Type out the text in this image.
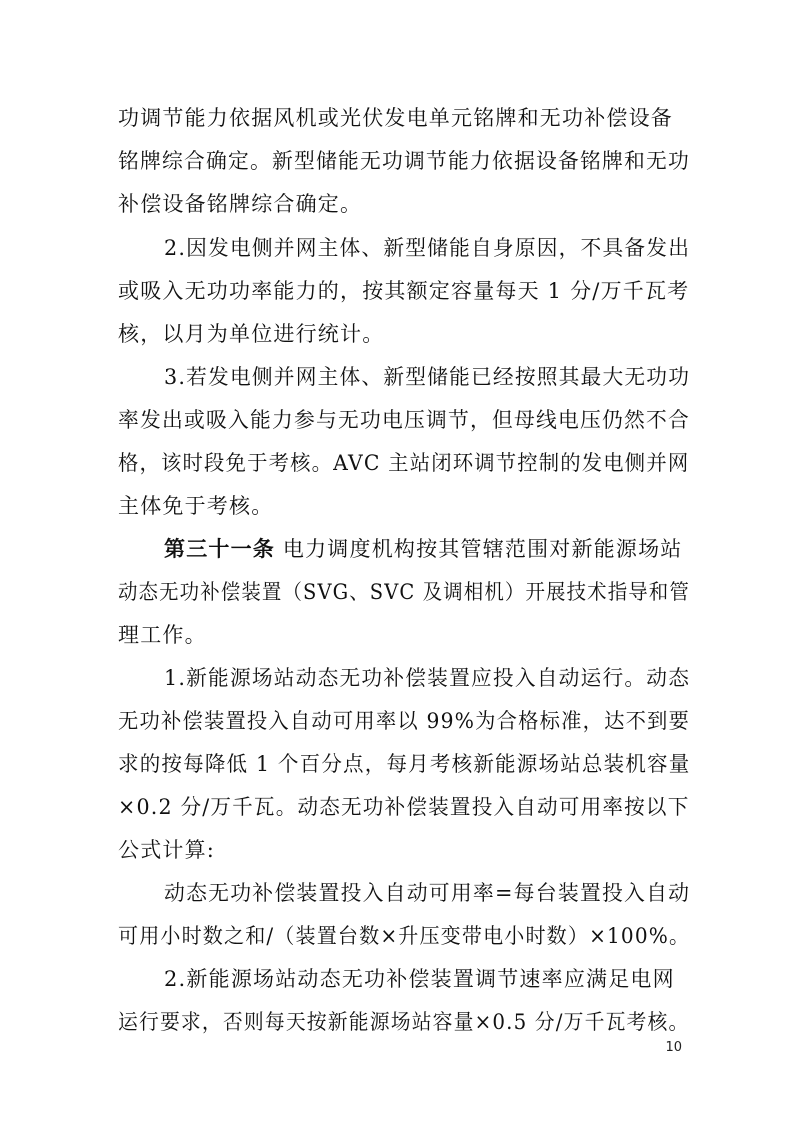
功调节能力依据风机或光伏发电单元铭牌和无功补偿设备
铭牌综合确定。新型储能无功调节能力依据设备铭牌和无功
补偿设备铭牌综合确定。
2.因发电侧并网主体、新型储能自身原因，不具备发出
或吸入无功功率能力的，按其额定容量每天 1 分/万千瓦考
核，以月为单位进行统计。
3.若发电侧并网主体、新型储能已经按照其最大无功功
率发出或吸入能力参与无功电压调节，但母线电压仍然不合
格，该时段免于考核。AVC 主站闭环调节控制的发电侧并网
主体免于考核。
第三十一条 电力调度机构按其管辖范围对新能源场站
动态无功补偿装置（SVG、SVC 及调相机）开展技术指导和管
理工作。
1.新能源场站动态无功补偿装置应投入自动运行。动态
无功补偿装置投入自动可用率以 99%为合格标准，达不到要
求的按每降低 1 个百分点，每月考核新能源场站总装机容量
×0.2 分/万千瓦。动态无功补偿装置投入自动可用率按以下
公式计算:
动态无功补偿装置投入自动可用率=每台装置投入自动
可用小时数之和/（装置台数×升压变带电小时数）×100%。
2.新能源场站动态无功补偿装置调节速率应满足电网
运行要求，否则每天按新能源场站容量×0.5 分/万千瓦考核。
10
